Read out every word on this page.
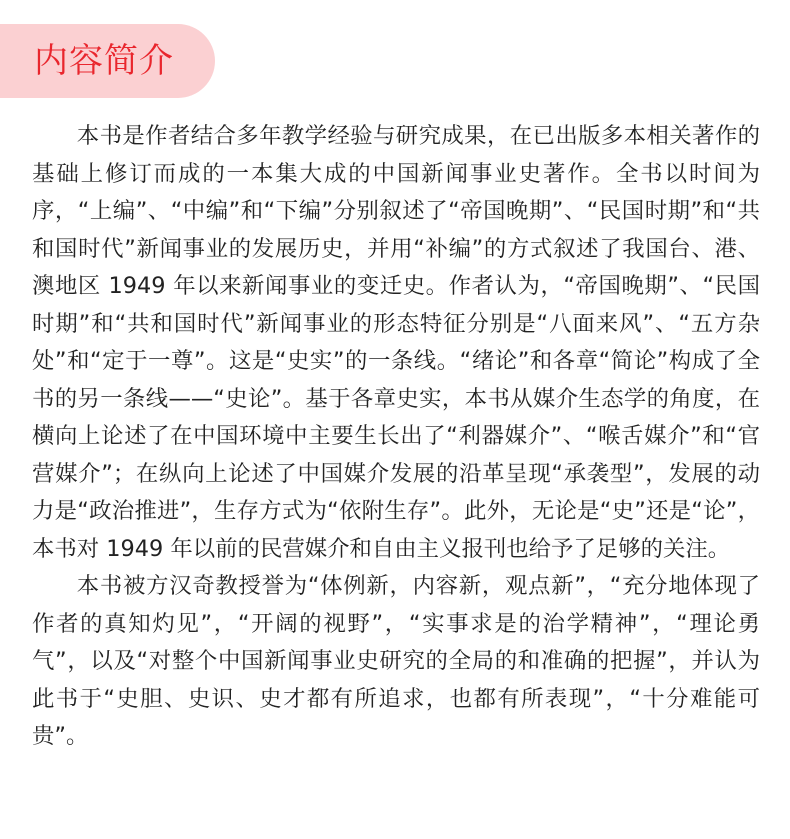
内容简介

本书是作者结合多年教学经验与研究成果，在已出版多本相关著作的基础上修订而成的一本集大成的中国新闻事业史著作。全书以时间为序，“上编”、“中编”和“下编”分别叙述了“帝国晚期”、“民国时期”和“共和国时代”新闻事业的发展历史，并用“补编”的方式叙述了我国台、港、澳地区 1949 年以来新闻事业的变迁史。作者认为，“帝国晚期”、“民国时期”和“共和国时代”新闻事业的形态特征分别是“八面来风”、“五方杂处”和“定于一尊”。这是“史实”的一条线。“绪论”和各章“简论”构成了全书的另一条线——“史论”。基于各章史实，本书从媒介生态学的角度，在横向上论述了在中国环境中主要生长出了“利器媒介”、“喉舌媒介”和“官营媒介”；在纵向上论述了中国媒介发展的沿革呈现“承袭型”，发展的动力是“政治推进”，生存方式为“依附生存”。此外，无论是“史”还是“论”，本书对 1949 年以前的民营媒介和自由主义报刊也给予了足够的关注。

本书被方汉奇教授誉为“体例新，内容新，观点新”，“充分地体现了作者的真知灼见”，“开阔的视野”，“实事求是的治学精神”，“理论勇气”，以及“对整个中国新闻事业史研究的全局的和准确的把握”，并认为此书于“史胆、史识、史才都有所追求，也都有所表现”，“十分难能可贵”。
